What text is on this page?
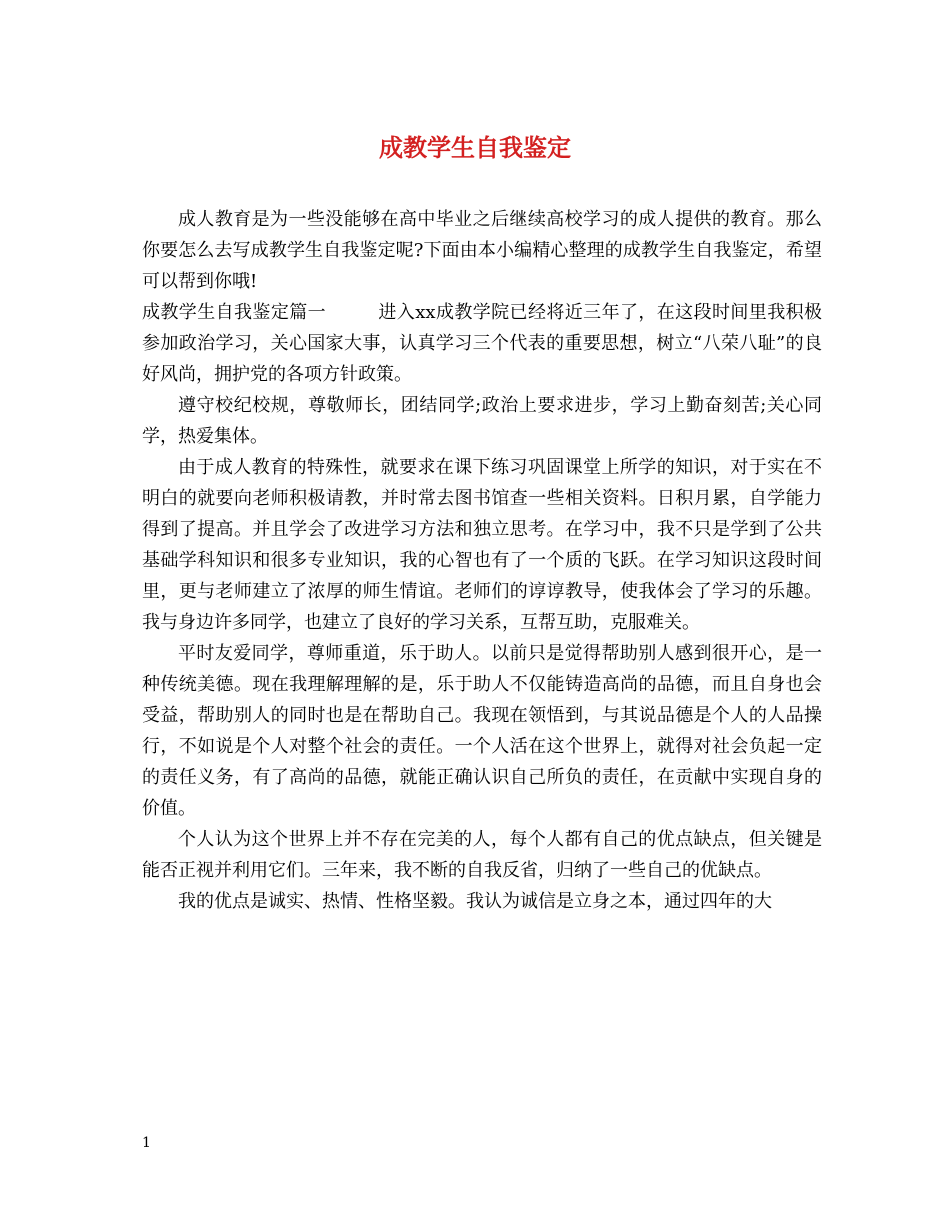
成教学生自我鉴定

成人教育是为一些没能够在高中毕业之后继续高校学习的成人提供的教育。那么你要怎么去写成教学生自我鉴定呢?下面由本小编精心整理的成教学生自我鉴定，希望可以帮到你哦!

成教学生自我鉴定篇一	进入xx成教学院已经将近三年了，在这段时间里我积极参加政治学习，关心国家大事，认真学习三个代表的重要思想，树立“八荣八耻”的良好风尚，拥护党的各项方针政策。

遵守校纪校规，尊敬师长，团结同学;政治上要求进步，学习上勤奋刻苦;关心同学，热爱集体。

由于成人教育的特殊性，就要求在课下练习巩固课堂上所学的知识，对于实在不明白的就要向老师积极请教，并时常去图书馆查一些相关资料。日积月累，自学能力得到了提高。并且学会了改进学习方法和独立思考。在学习中，我不只是学到了公共基础学科知识和很多专业知识，我的心智也有了一个质的飞跃。在学习知识这段时间里，更与老师建立了浓厚的师生情谊。老师们的谆谆教导，使我体会了学习的乐趣。我与身边许多同学，也建立了良好的学习关系，互帮互助，克服难关。

平时友爱同学，尊师重道，乐于助人。以前只是觉得帮助别人感到很开心，是一种传统美德。现在我理解理解的是，乐于助人不仅能铸造高尚的品德，而且自身也会受益，帮助别人的同时也是在帮助自己。我现在领悟到，与其说品德是个人的人品操行，不如说是个人对整个社会的责任。一个人活在这个世界上，就得对社会负起一定的责任义务，有了高尚的品德，就能正确认识自己所负的责任，在贡献中实现自身的价值。

个人认为这个世界上并不存在完美的人，每个人都有自己的优点缺点，但关键是能否正视并利用它们。三年来，我不断的自我反省，归纳了一些自己的优缺点。

我的优点是诚实、热情、性格坚毅。我认为诚信是立身之本，通过四年的大

1
